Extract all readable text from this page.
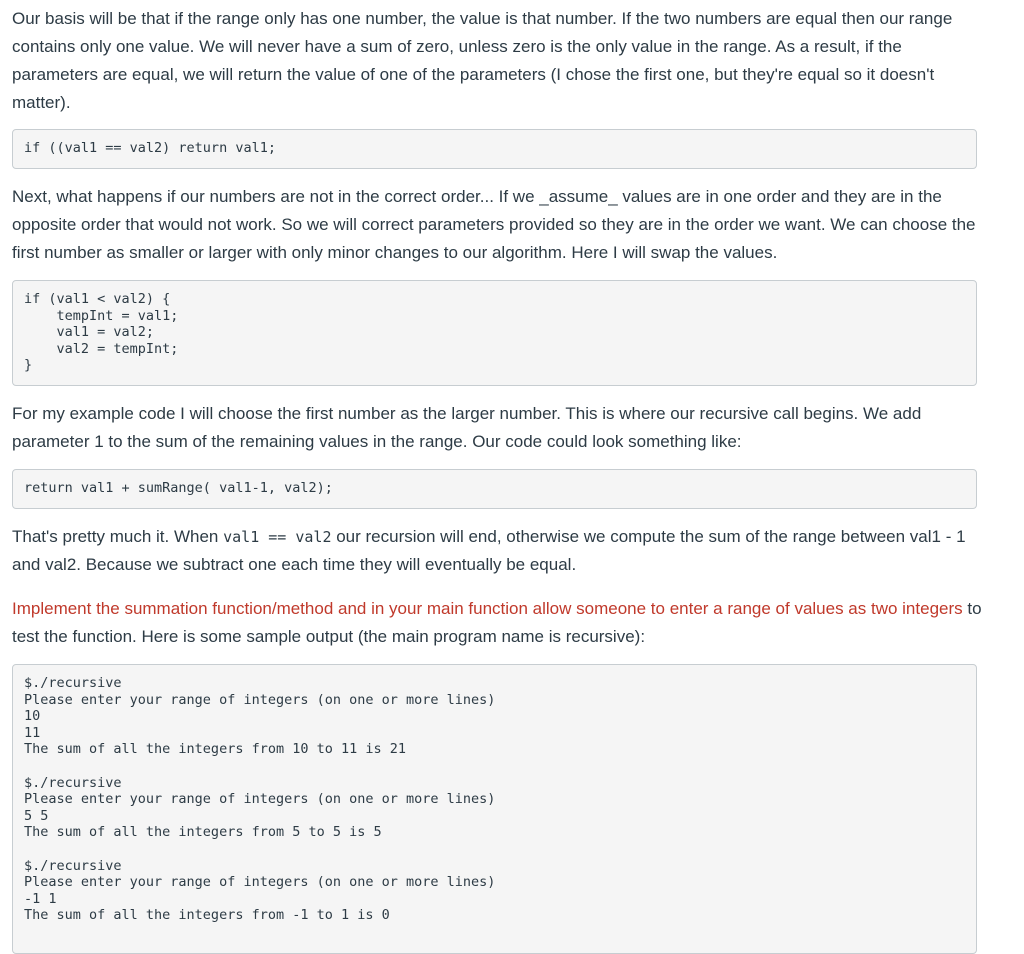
Our basis will be that if the range only has one number, the value is that number. If the two numbers are equal then our range contains only one value. We will never have a sum of zero, unless zero is the only value in the range. As a result, if the parameters are equal, we will return the value of one of the parameters (I chose the first one, but they're equal so it doesn't matter).

if ((val1 == val2) return val1;

Next, what happens if our numbers are not in the correct order... If we _assume_ values are in one order and they are in the opposite order that would not work. So we will correct parameters provided so they are in the order we want. We can choose the first number as smaller or larger with only minor changes to our algorithm. Here I will swap the values.

if (val1 < val2) {
tempInt = val1;
val1 = val2;
val2 = tempInt;
}

For my example code I will choose the first number as the larger number. This is where our recursive call begins. We add parameter 1 to the sum of the remaining values in the range. Our code could look something like:

return val1 + sumRange( val1-1, val2);

That's pretty much it. When val1 == val2 our recursion will end, otherwise we compute the sum of the range between val1 - 1 and val2. Because we subtract one each time they will eventually be equal.

Implement the summation function/method and in your main function allow someone to enter a range of values as two integers to test the function. Here is some sample output (the main program name is recursive):

$./recursive
Please enter your range of integers (on one or more lines)
10
11
The sum of all the integers from 10 to 11 is 21

$./recursive
Please enter your range of integers (on one or more lines)
5 5
The sum of all the integers from 5 to 5 is 5

$./recursive
Please enter your range of integers (on one or more lines)
-1 1
The sum of all the integers from -1 to 1 is 0
